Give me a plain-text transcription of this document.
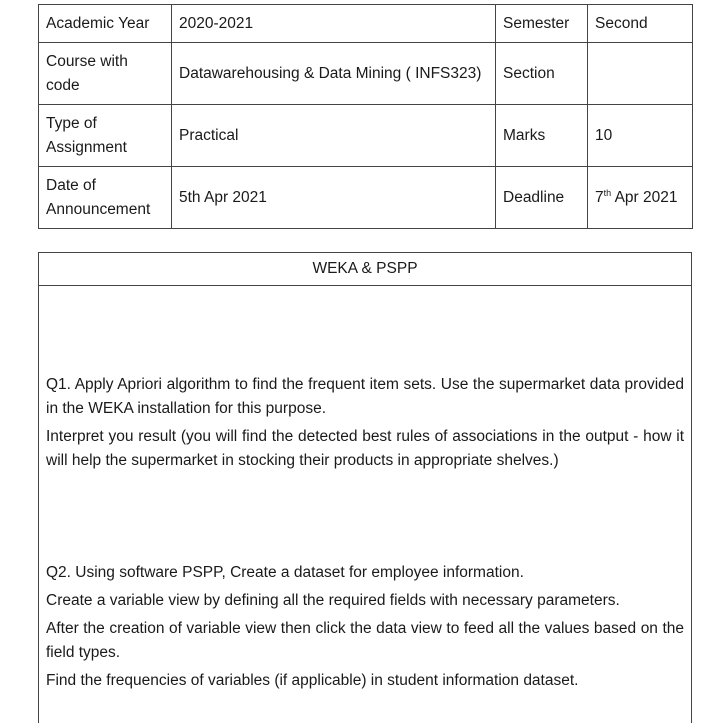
Academic Year	2020-2021	Semester	Second
Course with code	Datawarehousing & Data Mining ( INFS323)	Section	
Type of Assignment	Practical	Marks	10
Date of Announcement	5th Apr 2021	Deadline	7th Apr 2021
WEKA & PSPP

Q1. Apply Apriori algorithm to find the frequent item sets. Use the supermarket data provided in the WEKA installation for this purpose.

Interpret you result (you will find the detected best rules of associations in the output - how it will help the supermarket in stocking their products in appropriate shelves.)

Q2. Using software PSPP, Create a dataset for employee information.

Create a variable view by defining all the required fields with necessary parameters.

After the creation of variable view then click the data view to feed all the values based on the field types.

Find the frequencies of variables (if applicable) in student information dataset.
